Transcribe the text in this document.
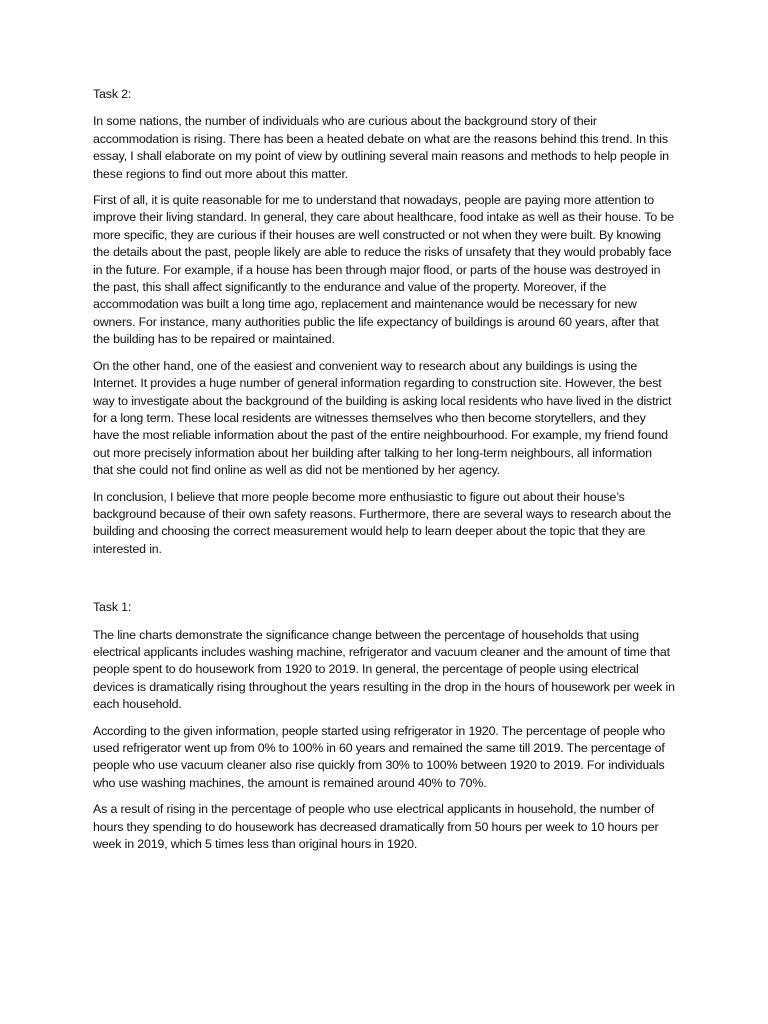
Task 2:

In some nations, the number of individuals who are curious about the background story of their accommodation is rising. There has been a heated debate on what are the reasons behind this trend. In this essay, I shall elaborate on my point of view by outlining several main reasons and methods to help people in these regions to find out more about this matter.

First of all, it is quite reasonable for me to understand that nowadays, people are paying more attention to improve their living standard. In general, they care about healthcare, food intake as well as their house. To be more specific, they are curious if their houses are well constructed or not when they were built. By knowing the details about the past, people likely are able to reduce the risks of unsafety that they would probably face in the future. For example, if a house has been through major flood, or parts of the house was destroyed in the past, this shall affect significantly to the endurance and value of the property. Moreover, if the accommodation was built a long time ago, replacement and maintenance would be necessary for new owners. For instance, many authorities public the life expectancy of buildings is around 60 years, after that the building has to be repaired or maintained.

On the other hand, one of the easiest and convenient way to research about any buildings is using the Internet. It provides a huge number of general information regarding to construction site. However, the best way to investigate about the background of the building is asking local residents who have lived in the district for a long term. These local residents are witnesses themselves who then become storytellers, and they have the most reliable information about the past of the entire neighbourhood. For example, my friend found out more precisely information about her building after talking to her long-term neighbours, all information that she could not find online as well as did not be mentioned by her agency.

In conclusion, I believe that more people become more enthusiastic to figure out about their house’s background because of their own safety reasons. Furthermore, there are several ways to research about the building and choosing the correct measurement would help to learn deeper about the topic that they are interested in.

Task 1:

The line charts demonstrate the significance change between the percentage of households that using electrical applicants includes washing machine, refrigerator and vacuum cleaner and the amount of time that people spent to do housework from 1920 to 2019. In general, the percentage of people using electrical devices is dramatically rising throughout the years resulting in the drop in the hours of housework per week in each household.

According to the given information, people started using refrigerator in 1920. The percentage of people who used refrigerator went up from 0% to 100% in 60 years and remained the same till 2019. The percentage of people who use vacuum cleaner also rise quickly from 30% to 100% between 1920 to 2019. For individuals who use washing machines, the amount is remained around 40% to 70%.

As a result of rising in the percentage of people who use electrical applicants in household, the number of hours they spending to do housework has decreased dramatically from 50 hours per week to 10 hours per week in 2019, which 5 times less than original hours in 1920.
